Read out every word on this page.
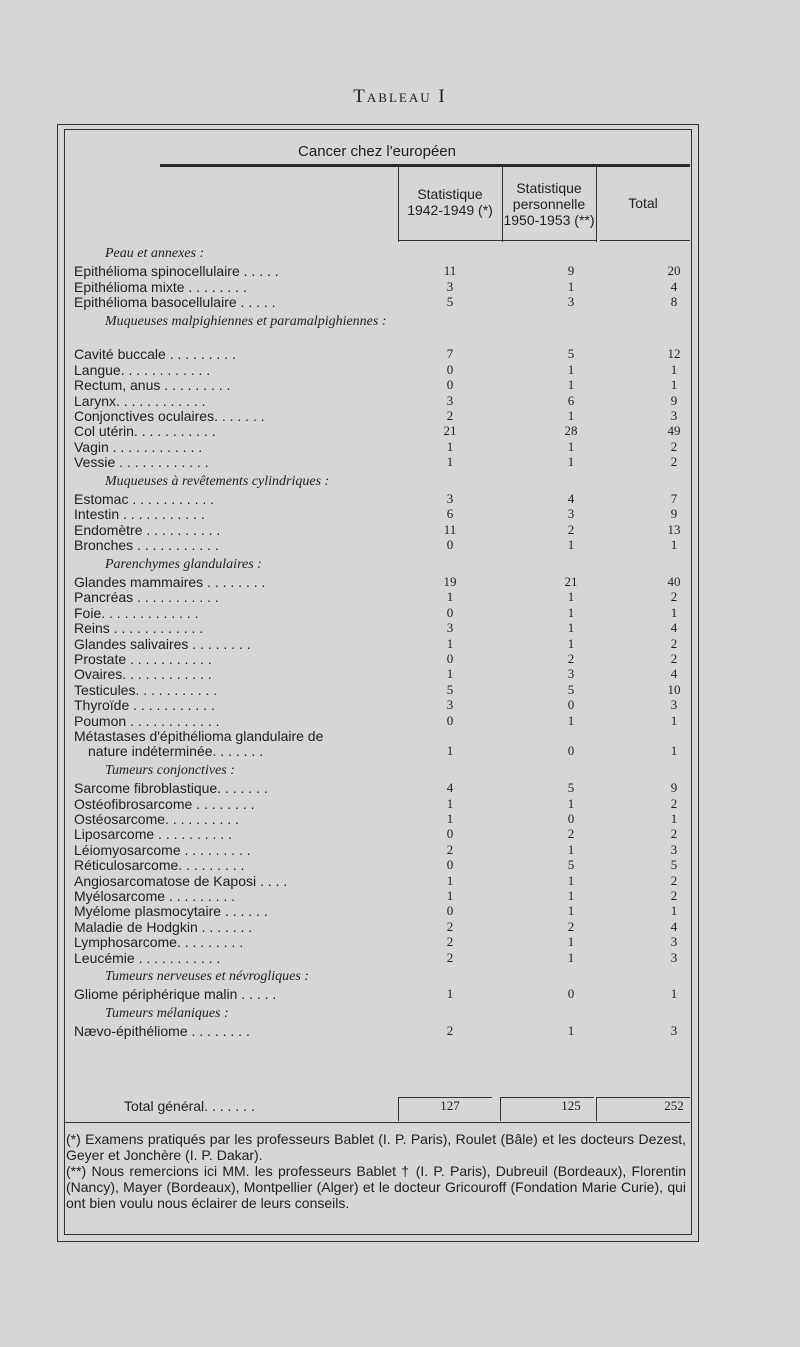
Tableau I
Cancer chez l'européen
Statistique
1942-1949 (*)
Statistique
personnelle
1950-1953 (**)
Total
Peau et annexes :
Epithélioma spinocellulaire . . . . .	11	9	20
Epithélioma mixte . . . . . . . .	3	1	4
Epithélioma basocellulaire . . . . .	5	3	8
Muqueuses malpighiennes et paramalpighiennes :
Cavité buccale . . . . . . . . .	7	5	12
Langue. . . . . . . . . . . .	0	1	1
Rectum, anus . . . . . . . . .	0	1	1
Larynx. . . . . . . . . . . .	3	6	9
Conjonctives oculaires. . . . . . .	2	1	3
Col utérin. . . . . . . . . . .	21	28	49
Vagin . . . . . . . . . . . .	1	1	2
Vessie . . . . . . . . . . . .	1	1	2
Muqueuses à revêtements cylindriques :
Estomac . . . . . . . . . . .	3	4	7
Intestin . . . . . . . . . . .	6	3	9
Endomètre . . . . . . . . . .	11	2	13
Bronches . . . . . . . . . . .	0	1	1
Parenchymes glandulaires :
Glandes mammaires . . . . . . . .	19	21	40
Pancréas . . . . . . . . . . .	1	1	2
Foie. . . . . . . . . . . . .	0	1	1
Reins . . . . . . . . . . . .	3	1	4
Glandes salivaires . . . . . . . .	1	1	2
Prostate . . . . . . . . . . .	0	2	2
Ovaires. . . . . . . . . . . .	1	3	4
Testicules. . . . . . . . . . .	5	5	10
Thyroïde . . . . . . . . . . .	3	0	3
Poumon . . . . . . . . . . . .	0	1	1
Métastases d'épithélioma glandulaire de
nature indéterminée. . . . . . .	1	0	1
Tumeurs conjonctives :
Sarcome fibroblastique. . . . . . .	4	5	9
Ostéofibrosarcome . . . . . . . .	1	1	2
Ostéosarcome. . . . . . . . . .	1	0	1
Liposarcome . . . . . . . . . .	0	2	2
Léiomyosarcome . . . . . . . . .	2	1	3
Réticulosarcome. . . . . . . . .	0	5	5
Angiosarcomatose de Kaposi . . . .	1	1	2
Myélosarcome . . . . . . . . .	1	1	2
Myélome plasmocytaire . . . . . .	0	1	1
Maladie de Hodgkin . . . . . . .	2	2	4
Lymphosarcome. . . . . . . . .	2	1	3
Leucémie . . . . . . . . . . .	2	1	3
Tumeurs nerveuses et névrogliques :
Gliome périphérique malin . . . . .	1	0	1
Tumeurs mélaniques :
Nævo-épithéliome . . . . . . . .	2	1	3
Total général. . . . . . .	127	125	252
(*) Examens pratiqués par les professeurs Bablet (I. P. Paris), Roulet (Bâle) et les docteurs Dezest, Geyer et Jonchère (I. P. Dakar).
(**) Nous remercions ici MM. les professeurs Bablet † (I. P. Paris), Dubreuil (Bordeaux), Florentin (Nancy), Mayer (Bordeaux), Montpellier (Alger) et le docteur Gricouroff (Fondation Marie Curie), qui ont bien voulu nous éclairer de leurs conseils.
